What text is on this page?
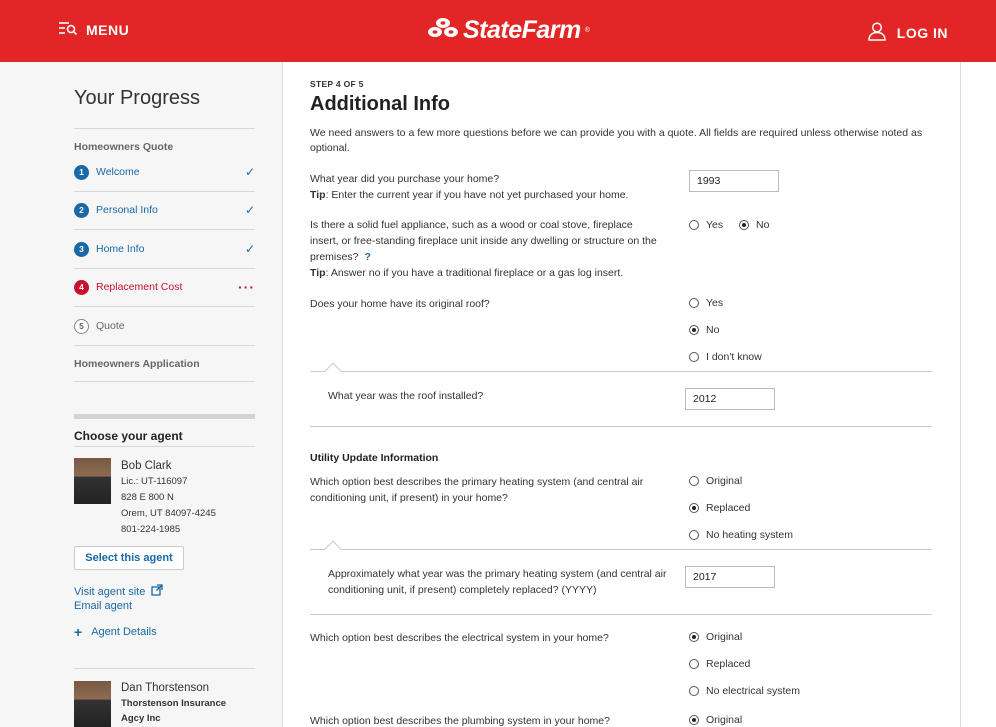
MENU	StateFarm ®	LOG IN
Your Progress
Homeowners Quote
1	Welcome	✓
2	Personal Info	✓
3	Home Info	✓
4	Replacement Cost	···
5	Quote
Homeowners Application
Choose your agent
Bob Clark
Lic.: UT-116097
828 E 800 N
Orem, UT 84097-4245
801-224-1985
Select this agent
Visit agent site
Email agent
+ Agent Details
Dan Thorstenson
Thorstenson Insurance
Agcy Inc
STEP 4 OF 5
Additional Info
We need answers to a few more questions before we can provide you with a quote. All fields are required unless otherwise noted as optional.
What year did you purchase your home?
Tip: Enter the current year if you have not yet purchased your home.
1993
Is there a solid fuel appliance, such as a wood or coal stove, fireplace insert, or free-standing fireplace unit inside any dwelling or structure on the premises? ?
Tip: Answer no if you have a traditional fireplace or a gas log insert.
Yes	No
Does your home have its original roof?	Yes
No
I don't know
What year was the roof installed?
2012
Utility Update Information
Which option best describes the primary heating system (and central air conditioning unit, if present) in your home?
Original
Replaced
No heating system
Approximately what year was the primary heating system (and central air conditioning unit, if present) completely replaced? (YYYY)
2017
Which option best describes the electrical system in your home?	Original
Replaced
No electrical system
Which option best describes the plumbing system in your home?	Original
